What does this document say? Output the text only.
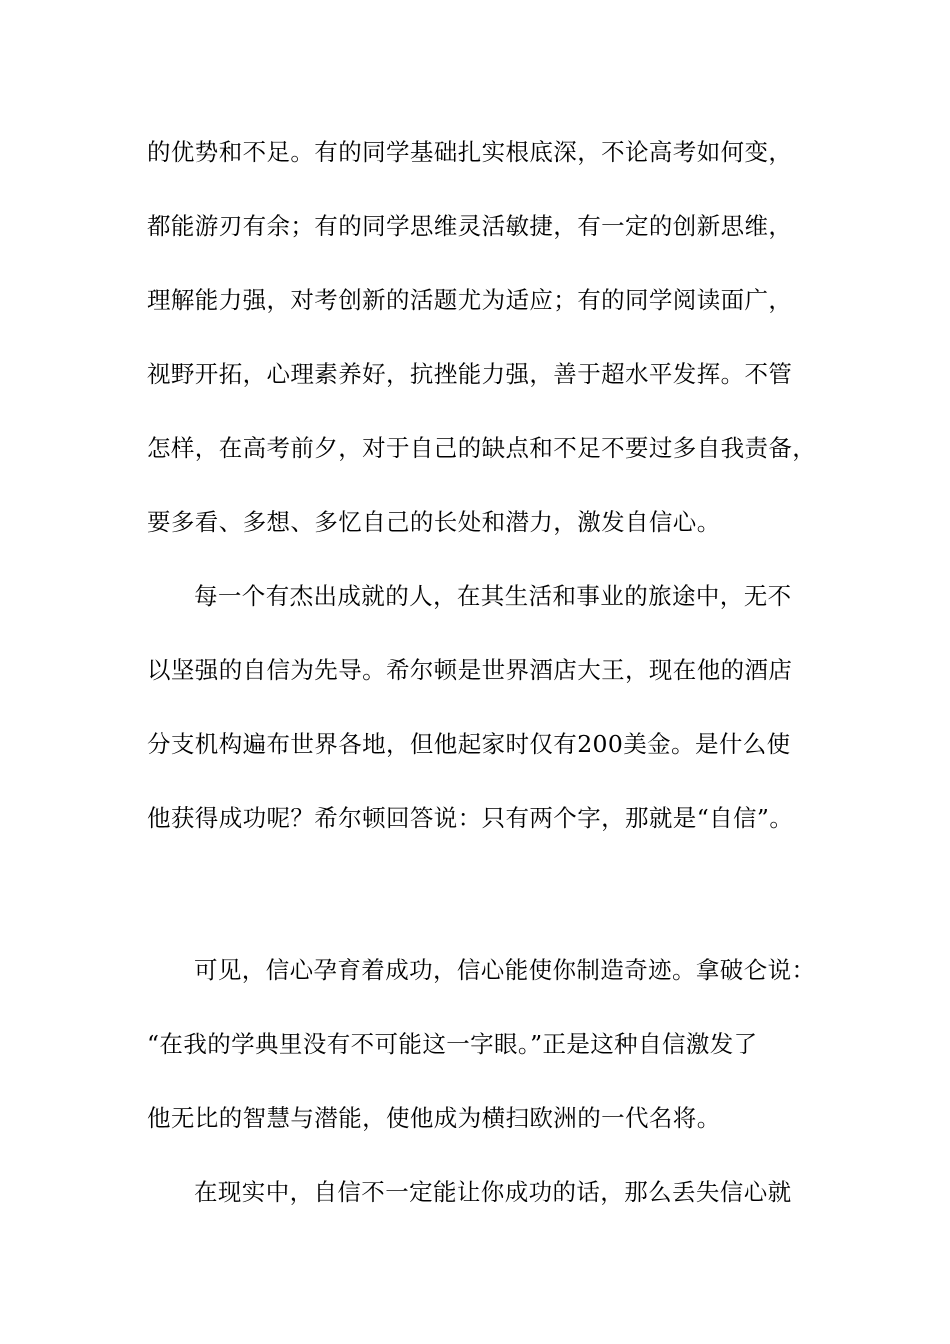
的优势和不足。有的同学基础扎实根底深，不论高考如何变，
都能游刃有余；有的同学思维灵活敏捷，有一定的创新思维，
理解能力强，对考创新的活题尤为适应；有的同学阅读面广，
视野开拓，心理素养好，抗挫能力强，善于超水平发挥。不管
怎样，在高考前夕，对于自己的缺点和不足不要过多自我责备，
要多看、多想、多忆自己的长处和潜力，激发自信心。
每一个有杰出成就的人，在其生活和事业的旅途中，无不
以坚强的自信为先导。希尔顿是世界酒店大王，现在他的酒店
分支机构遍布世界各地，但他起家时仅有200美金。是什么使
他获得成功呢？希尔顿回答说：只有两个字，那就是“自信”。
可见，信心孕育着成功，信心能使你制造奇迹。拿破仑说：
“在我的学典里没有不可能这一字眼。”正是这种自信激发了
他无比的智慧与潜能，使他成为横扫欧洲的一代名将。
在现实中，自信不一定能让你成功的话，那么丢失信心就
